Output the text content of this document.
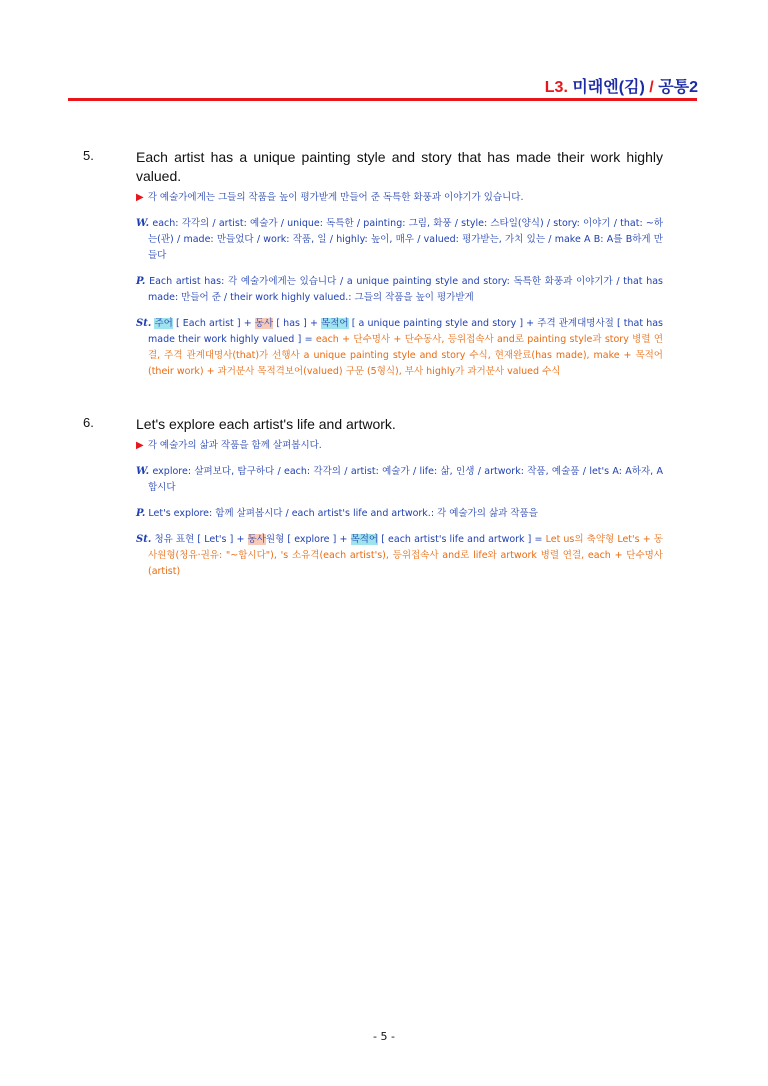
L3. 미래엔(김) / 공통2
5.	Each artist has a unique painting style and story that has made their work highly valued.
▶ 각 예술가에게는 그들의 작품을 높이 평가받게 만들어 준 독특한 화풍과 이야기가 있습니다.
W. each: 각각의 / artist: 예술가 / unique: 독특한 / painting: 그림, 화풍 / style: 스타일(양식) / story: 이야기 / that: ~하는(관) / made: 만들었다 / work: 작품, 일 / highly: 높이, 매우 / valued: 평가받는, 가치 있는 / make A B: A를 B하게 만들다
P. Each artist has: 각 예술가에게는 있습니다 / a unique painting style and story: 독특한 화풍과 이야기가 / that has made: 만들어 준 / their work highly valued.: 그들의 작품을 높이 평가받게
St. 주어 [ Each artist ] + 동사 [ has ] + 목적어 [ a unique painting style and story ] + 주격 관계대명사절 [ that has made their work highly valued ] = each + 단수명사 + 단수동사, 등위접속사 and로 painting style과 story 병렬 연결, 주격 관계대명사(that)가 선행사 a unique painting style and story 수식, 현재완료(has made), make + 목적어(their work) + 과거분사 목적격보어(valued) 구문 (5형식), 부사 highly가 과거분사 valued 수식
6.	Let's explore each artist's life and artwork.
▶ 각 예술가의 삶과 작품을 함께 살펴봅시다.
W. explore: 살펴보다, 탐구하다 / each: 각각의 / artist: 예술가 / life: 삶, 인생 / artwork: 작품, 예술품 / let's A: A하자, A합시다
P. Let's explore: 함께 살펴봅시다 / each artist's life and artwork.: 각 예술가의 삶과 작품을
St. 청유 표현 [ Let's ] + 동사원형 [ explore ] + 목적어 [ each artist's life and artwork ] = Let us의 축약형 Let's + 동사원형(청유·권유: "~합시다"), 's 소유격(each artist's), 등위접속사 and로 life와 artwork 병렬 연결, each + 단수명사(artist)
- 5 -
